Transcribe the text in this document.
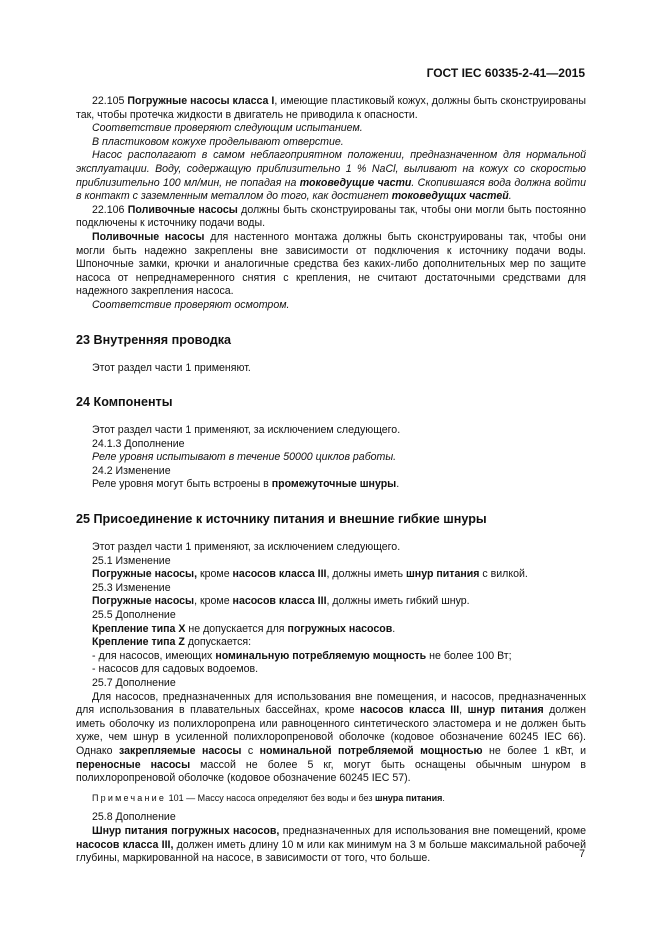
ГОСТ IEC 60335-2-41—2015

22.105 Погружные насосы класса I, имеющие пластиковый кожух, должны быть сконструированы так, чтобы протечка жидкости в двигатель не приводила к опасности.

Соответствие проверяют следующим испытанием.

В пластиковом кожухе проделывают отверстие.

Насос располагают в самом неблагоприятном положении, предназначенном для нормальной эксплуатации. Воду, содержащую приблизительно 1 % NaCl, выливают на кожух со скоростью приблизительно 100 мл/мин, не попадая на токоведущие части. Скопившаяся вода должна войти в контакт с заземленным металлом до того, как достигнет токоведущих частей.

22.106 Поливочные насосы должны быть сконструированы так, чтобы они могли быть постоянно подключены к источнику подачи воды.

Поливочные насосы для настенного монтажа должны быть сконструированы так, чтобы они могли быть надежно закреплены вне зависимости от подключения к источнику подачи воды. Шпоночные замки, крючки и аналогичные средства без каких-либо дополнительных мер по защите насоса от непреднамеренного снятия с крепления, не считают достаточными средствами для надежного закрепления насоса.

Соответствие проверяют осмотром.

23 Внутренняя проводка

Этот раздел части 1 применяют.

24 Компоненты

Этот раздел части 1 применяют, за исключением следующего.

24.1.3 Дополнение

Реле уровня испытывают в течение 50000 циклов работы.

24.2 Изменение

Реле уровня могут быть встроены в промежуточные шнуры.

25 Присоединение к источнику питания и внешние гибкие шнуры

Этот раздел части 1 применяют, за исключением следующего.

25.1 Изменение

Погружные насосы, кроме насосов класса III, должны иметь шнур питания с вилкой.

25.3 Изменение

Погружные насосы, кроме насосов класса III, должны иметь гибкий шнур.

25.5 Дополнение

Крепление типа X не допускается для погружных насосов.

Крепление типа Z допускается:

- для насосов, имеющих номинальную потребляемую мощность не более 100 Вт;

- насосов для садовых водоемов.

25.7 Дополнение

Для насосов, предназначенных для использования вне помещения, и насосов, предназначенных для использования в плавательных бассейнах, кроме насосов класса III, шнур питания должен иметь оболочку из полихлоропрена или равноценного синтетического эластомера и не должен быть хуже, чем шнур в усиленной полихлоропреновой оболочке (кодовое обозначение 60245 IEC 66). Однако закрепляемые насосы с номинальной потребляемой мощностью не более 1 кВт, и переносные насосы массой не более 5 кг, могут быть оснащены обычным шнуром в полихлоропреновой оболочке (кодовое обозначение 60245 IEC 57).

Примечание 101 — Массу насоса определяют без воды и без шнура питания.

25.8 Дополнение

Шнур питания погружных насосов, предназначенных для использования вне помещений, кроме насосов класса III, должен иметь длину 10 м или как минимум на 3 м больше максимальной рабочей глубины, маркированной на насосе, в зависимости от того, что больше.	7
